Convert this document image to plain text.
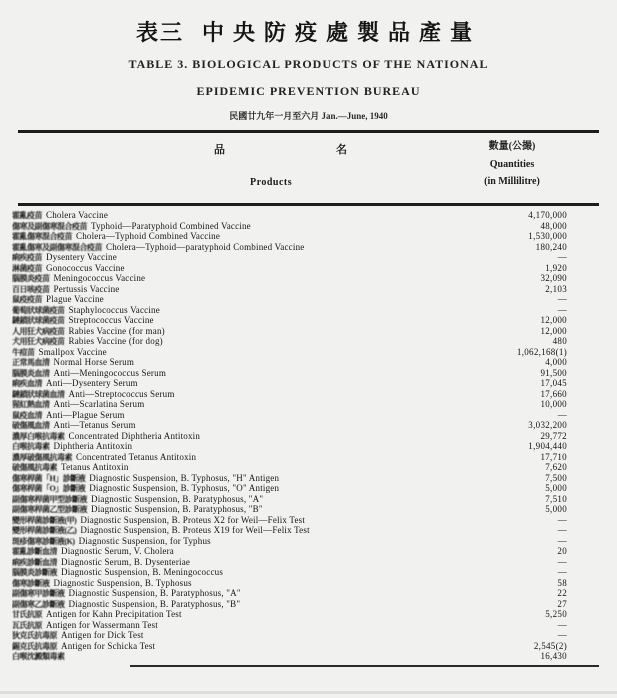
表三 中央防疫處製品產量
TABLE 3. BIOLOGICAL PRODUCTS OF THE NATIONAL
EPIDEMIC PREVENTION BUREAU
民國廿九年一月至六月 Jan.—June, 1940
品	名
Products
數量(公撮)
Quantities
(in Millilitre)
霍亂疫苗 Cholera Vaccine	4,170,000
傷寒及副傷寒混合疫苗 Typhoid—Paratyphoid Combined Vaccine	48,000
霍亂傷寒混合疫苗 Cholera—Typhoid Combined Vaccine	1,530,000
霍亂傷寒及副傷寒混合疫苗 Cholera—Typhoid—paratyphoid Combined Vaccine	180,240
痢疾疫苗 Dysentery Vaccine	—
淋菌疫苗 Gonococcus Vaccine	1,920
腦膜炎疫苗 Meningococcus Vaccine	32,090
百日咳疫苗 Pertussis Vaccine	2,103
鼠疫疫苗 Plague Vaccine	—
葡萄狀球菌疫苗 Staphylococcus Vaccine	—
鏈鎖狀球菌疫苗 Streptococcus Vaccine	12,000
人用狂犬病疫苗 Rabies Vaccine (for man)	12,000
犬用狂犬病疫苗 Rabies Vaccine (for dog)	480
牛痘苗 Smallpox Vaccine	1,062,168(1)
正常馬血清 Normal Horse Serum	4,000
腦膜炎血清 Anti—Meningococcus Serum	91,500
痢疾血清 Anti—Dysentery Serum	17,045
鏈鎖狀球菌血清 Anti—Streptococcus Serum	17,660
猩紅熱血清 Anti—Scarlatina Serum	10,000
鼠疫血清 Anti—Plague Serum	—
破傷風血清 Anti—Tetanus Serum	3,032,200
濃厚白喉抗毒素 Concentrated Diphtheria Antitoxin	29,772
白喉抗毒素 Diphtheria Antitoxin	1,904,440
濃厚破傷風抗毒素 Concentrated Tetanus Antitoxin	17,710
破傷風抗毒素 Tetanus Antitoxin	7,620
傷寒桿菌「H」診斷液 Diagnostic Suspension, B. Typhosus, "H" Antigen	7,500
傷寒桿菌「O」診斷液 Diagnostic Suspension, B. Typhosus, "O" Antigen	5,000
副傷寒桿菌甲型診斷液 Diagnostic Suspension, B. Paratyphosus, "A"	7,510
副傷寒桿菌乙型診斷液 Diagnostic Suspension, B. Paratyphosus, "B"	5,000
變形桿菌診斷液(甲) Diagnostic Suspension, B. Proteus X2 for Weil—Felix Test	—
變形桿菌診斷液(乙) Diagnostic Suspension, B. Proteus X19 for Weil—Felix Test	—
斑疹傷寒診斷液(K) Diagnostic Suspension, for Typhus	—
霍亂診斷血清 Diagnostic Serum, V. Cholera	20
痢疾診斷血清 Diagnostic Serum, B. Dysenteriae	—
腦膜炎診斷液 Diagnostic Suspension, B. Meningococcus	—
傷寒診斷液 Diagnostic Suspension, B. Typhosus	58
副傷寒甲診斷液 Diagnostic Suspension, B. Paratyphosus, "A"	22
副傷寒乙診斷液 Diagnostic Suspension, B. Paratyphosus, "B"	27
甘氏抗原 Antigen for Kahn Precipitation Test	5,250
瓦氏抗原 Antigen for Wassermann Test	—
狄克氏抗毒原 Antigen for Dick Test	—
錫克氏抗毒原 Antigen for Schicka Test	2,545(2)
白喉沈澱類毒素	16,430
